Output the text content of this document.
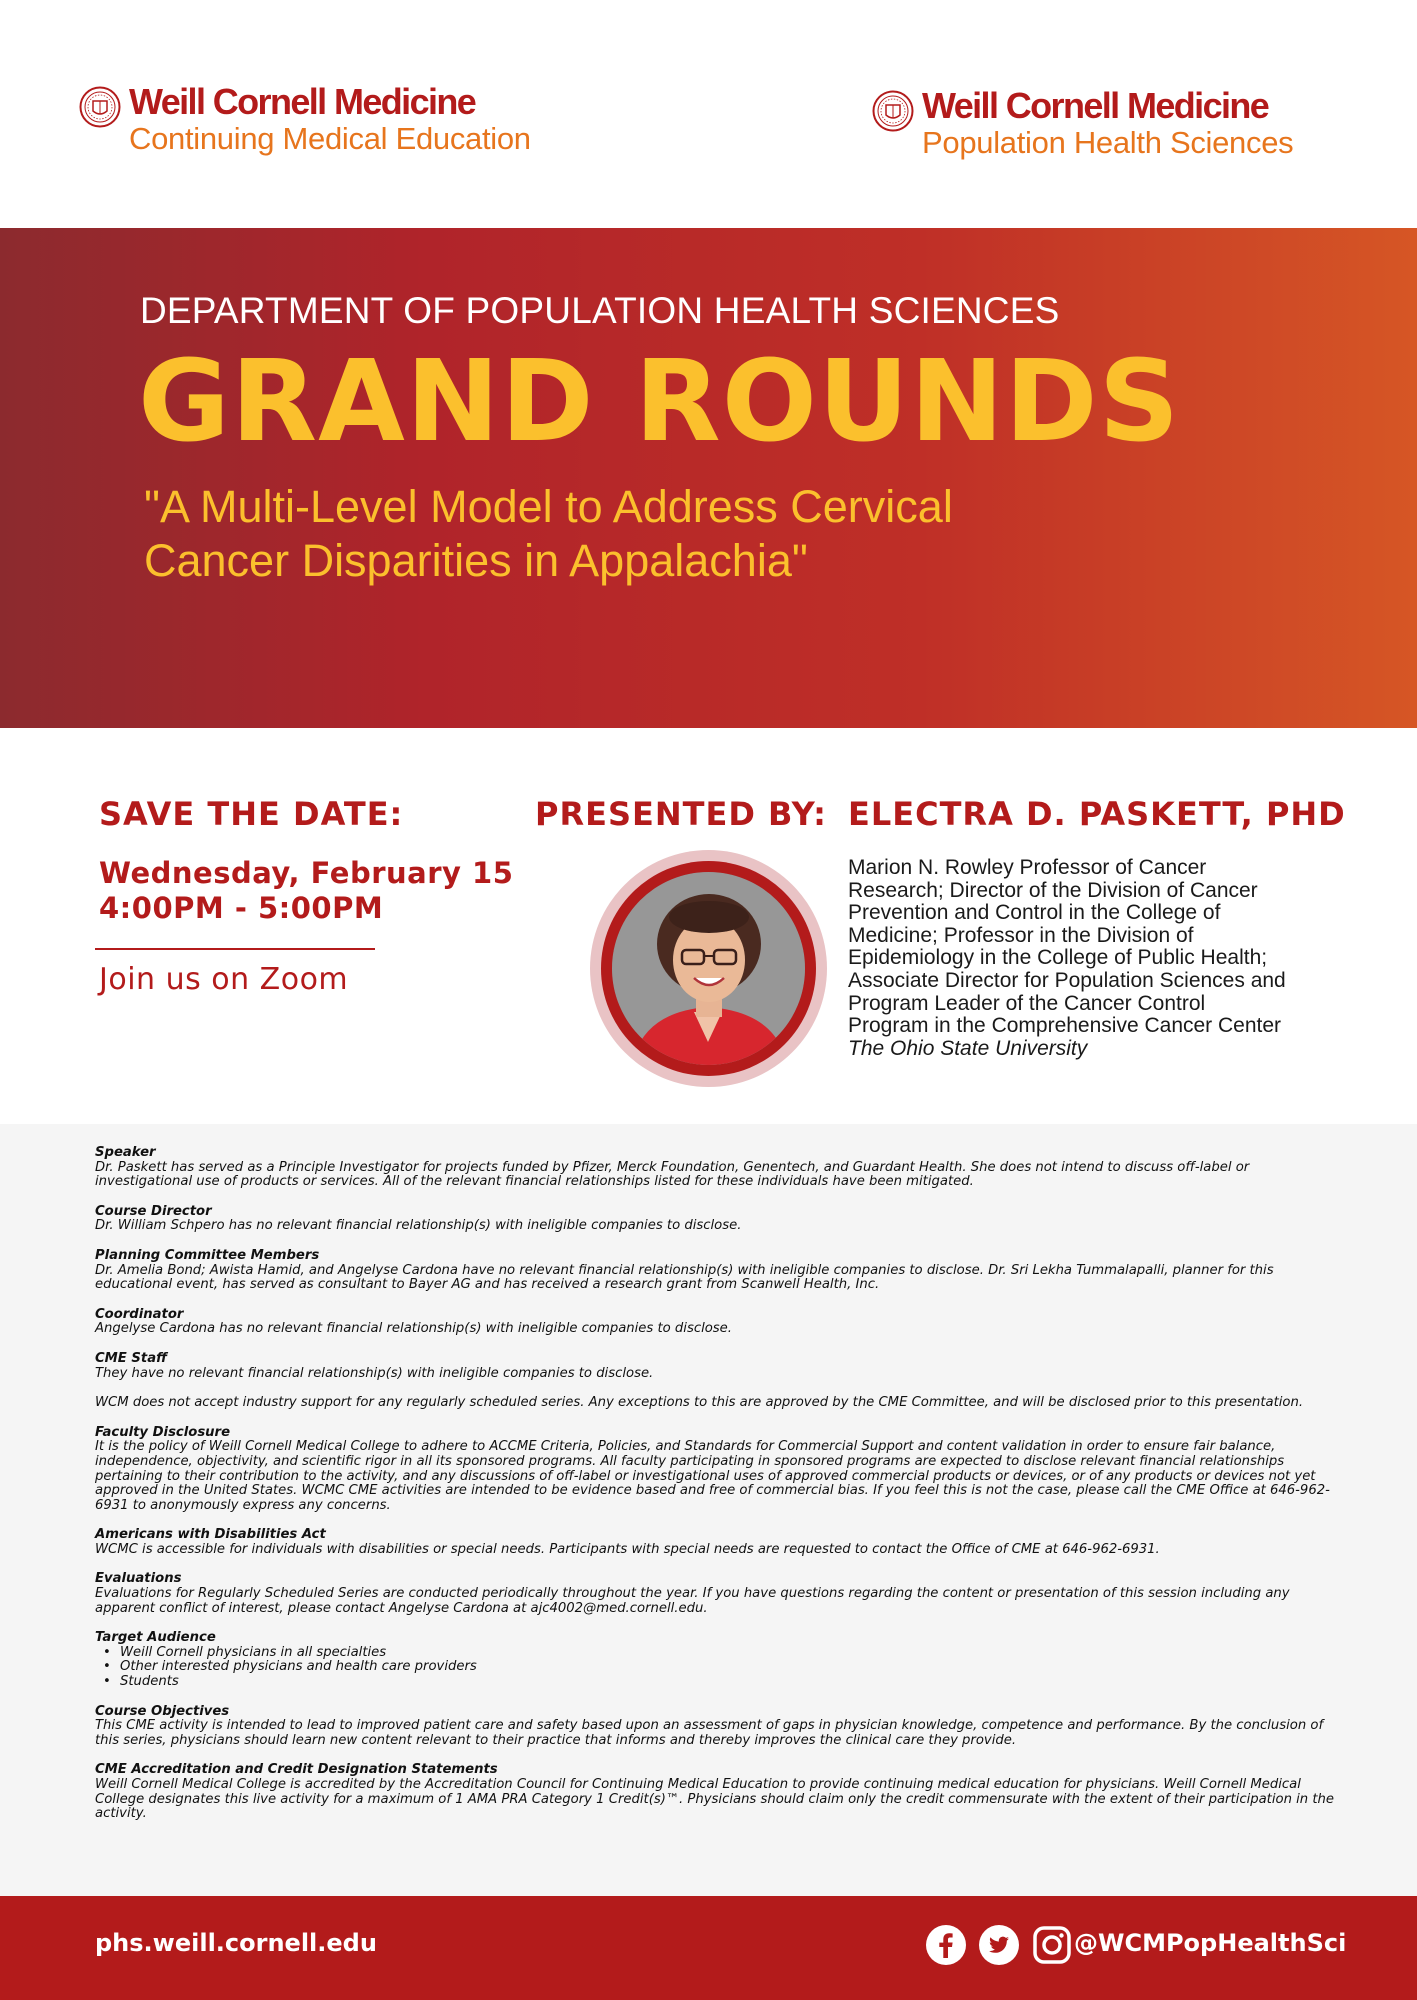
Weill Cornell Medicine
Continuing Medical Education
Weill Cornell Medicine
Population Health Sciences
DEPARTMENT OF POPULATION HEALTH SCIENCES
GRAND ROUNDS
"A Multi-Level Model to Address Cervical
Cancer Disparities in Appalachia"
SAVE THE DATE:
Wednesday, February 15
4:00PM - 5:00PM
Join us on Zoom
PRESENTED BY: ELECTRA D. PASKETT, PHD
Marion N. Rowley Professor of Cancer
Research; Director of the Division of Cancer
Prevention and Control in the College of
Medicine; Professor in the Division of
Epidemiology in the College of Public Health;
Associate Director for Population Sciences and
Program Leader of the Cancer Control
Program in the Comprehensive Cancer Center
The Ohio State University
Speaker
Dr. Paskett has served as a Principle Investigator for projects funded by Pfizer, Merck Foundation, Genentech, and Guardant Health. She does not intend to discuss off-label or investigational use of products or services. All of the relevant financial relationships listed for these individuals have been mitigated.
Course Director
Dr. William Schpero has no relevant financial relationship(s) with ineligible companies to disclose.
Planning Committee Members
Dr. Amelia Bond; Awista Hamid, and Angelyse Cardona have no relevant financial relationship(s) with ineligible companies to disclose. Dr. Sri Lekha Tummalapalli, planner for this educational event, has served as consultant to Bayer AG and has received a research grant from Scanwell Health, Inc.
Coordinator
Angelyse Cardona has no relevant financial relationship(s) with ineligible companies to disclose.
CME Staff
They have no relevant financial relationship(s) with ineligible companies to disclose.
WCM does not accept industry support for any regularly scheduled series. Any exceptions to this are approved by the CME Committee, and will be disclosed prior to this presentation.
Faculty Disclosure
It is the policy of Weill Cornell Medical College to adhere to ACCME Criteria, Policies, and Standards for Commercial Support and content validation in order to ensure fair balance, independence, objectivity, and scientific rigor in all its sponsored programs. All faculty participating in sponsored programs are expected to disclose relevant financial relationships pertaining to their contribution to the activity, and any discussions of off-label or investigational uses of approved commercial products or devices, or of any products or devices not yet approved in the United States. WCMC CME activities are intended to be evidence based and free of commercial bias. If you feel this is not the case, please call the CME Office at 646-962-6931 to anonymously express any concerns.
Americans with Disabilities Act
WCMC is accessible for individuals with disabilities or special needs. Participants with special needs are requested to contact the Office of CME at 646-962-6931.
Evaluations
Evaluations for Regularly Scheduled Series are conducted periodically throughout the year. If you have questions regarding the content or presentation of this session including any apparent conflict of interest, please contact Angelyse Cardona at ajc4002@med.cornell.edu.
Target Audience
• Weill Cornell physicians in all specialties
• Other interested physicians and health care providers
• Students
Course Objectives
This CME activity is intended to lead to improved patient care and safety based upon an assessment of gaps in physician knowledge, competence and performance. By the conclusion of this series, physicians should learn new content relevant to their practice that informs and thereby improves the clinical care they provide.
CME Accreditation and Credit Designation Statements
Weill Cornell Medical College is accredited by the Accreditation Council for Continuing Medical Education to provide continuing medical education for physicians. Weill Cornell Medical College designates this live activity for a maximum of 1 AMA PRA Category 1 Credit(s)™. Physicians should claim only the credit commensurate with the extent of their participation in the activity.
phs.weill.cornell.edu	@WCMPopHealthSci
